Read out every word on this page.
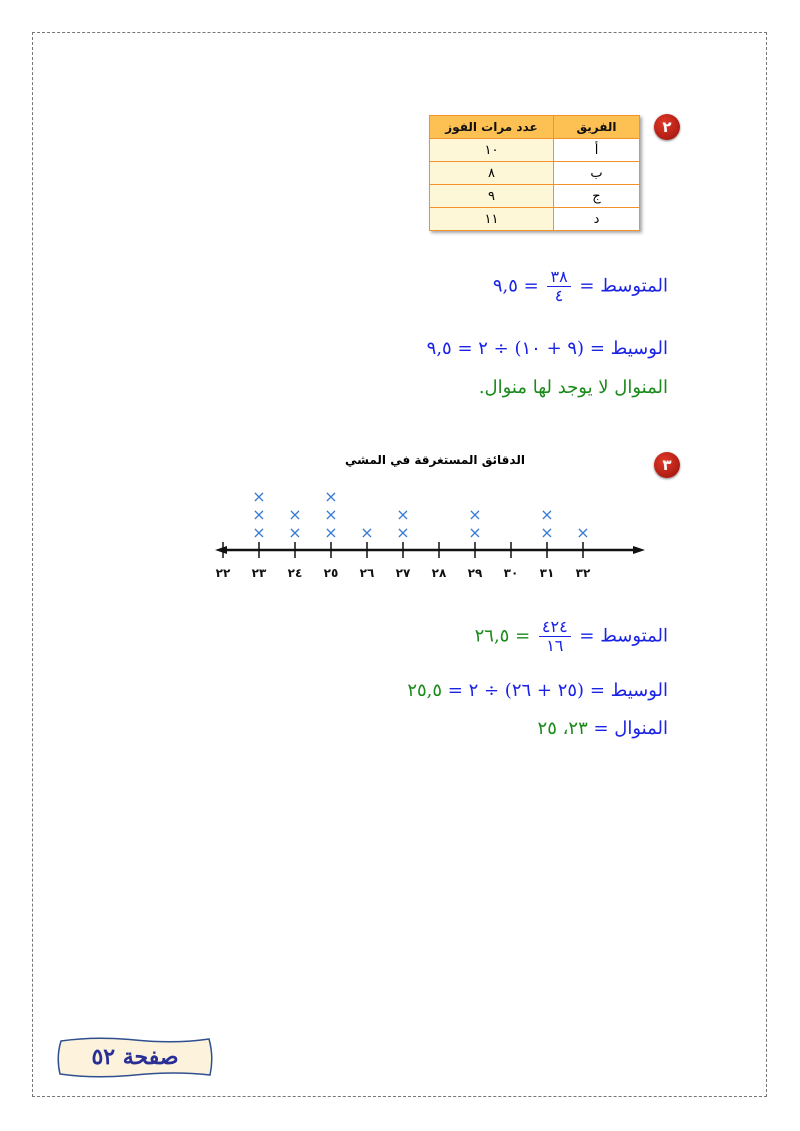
٢
الفريق	عدد مرات الفوز
أ	١٠
ب	٨
ج	٩
د	١١
المتوسط =
$\frac{٣٨}{٤}$
= ٩,٥
الوسيط = (٩ + ١٠) ÷ ٢ = ٩,٥
المنوال لا يوجد لها منوال.
٣
الدقائق المستغرقة في المشي
٢٢ ٢٣ ٢٤ ٢٥ ٢٦ ٢٧ ٢٨ ٢٩ ٣٠ ٣١ ٣٢
×
×
×
×
×
×
×
×
× ×
×
×
×
×
×
×
المتوسط =
$\frac{٤٢٤}{١٦}$
= ٢٦,٥
الوسيط = (٢٥ + ٢٦) ÷ ٢ = ٢٥,٥
المنوال = ٢٣، ٢٥
صفحة ٥٢
